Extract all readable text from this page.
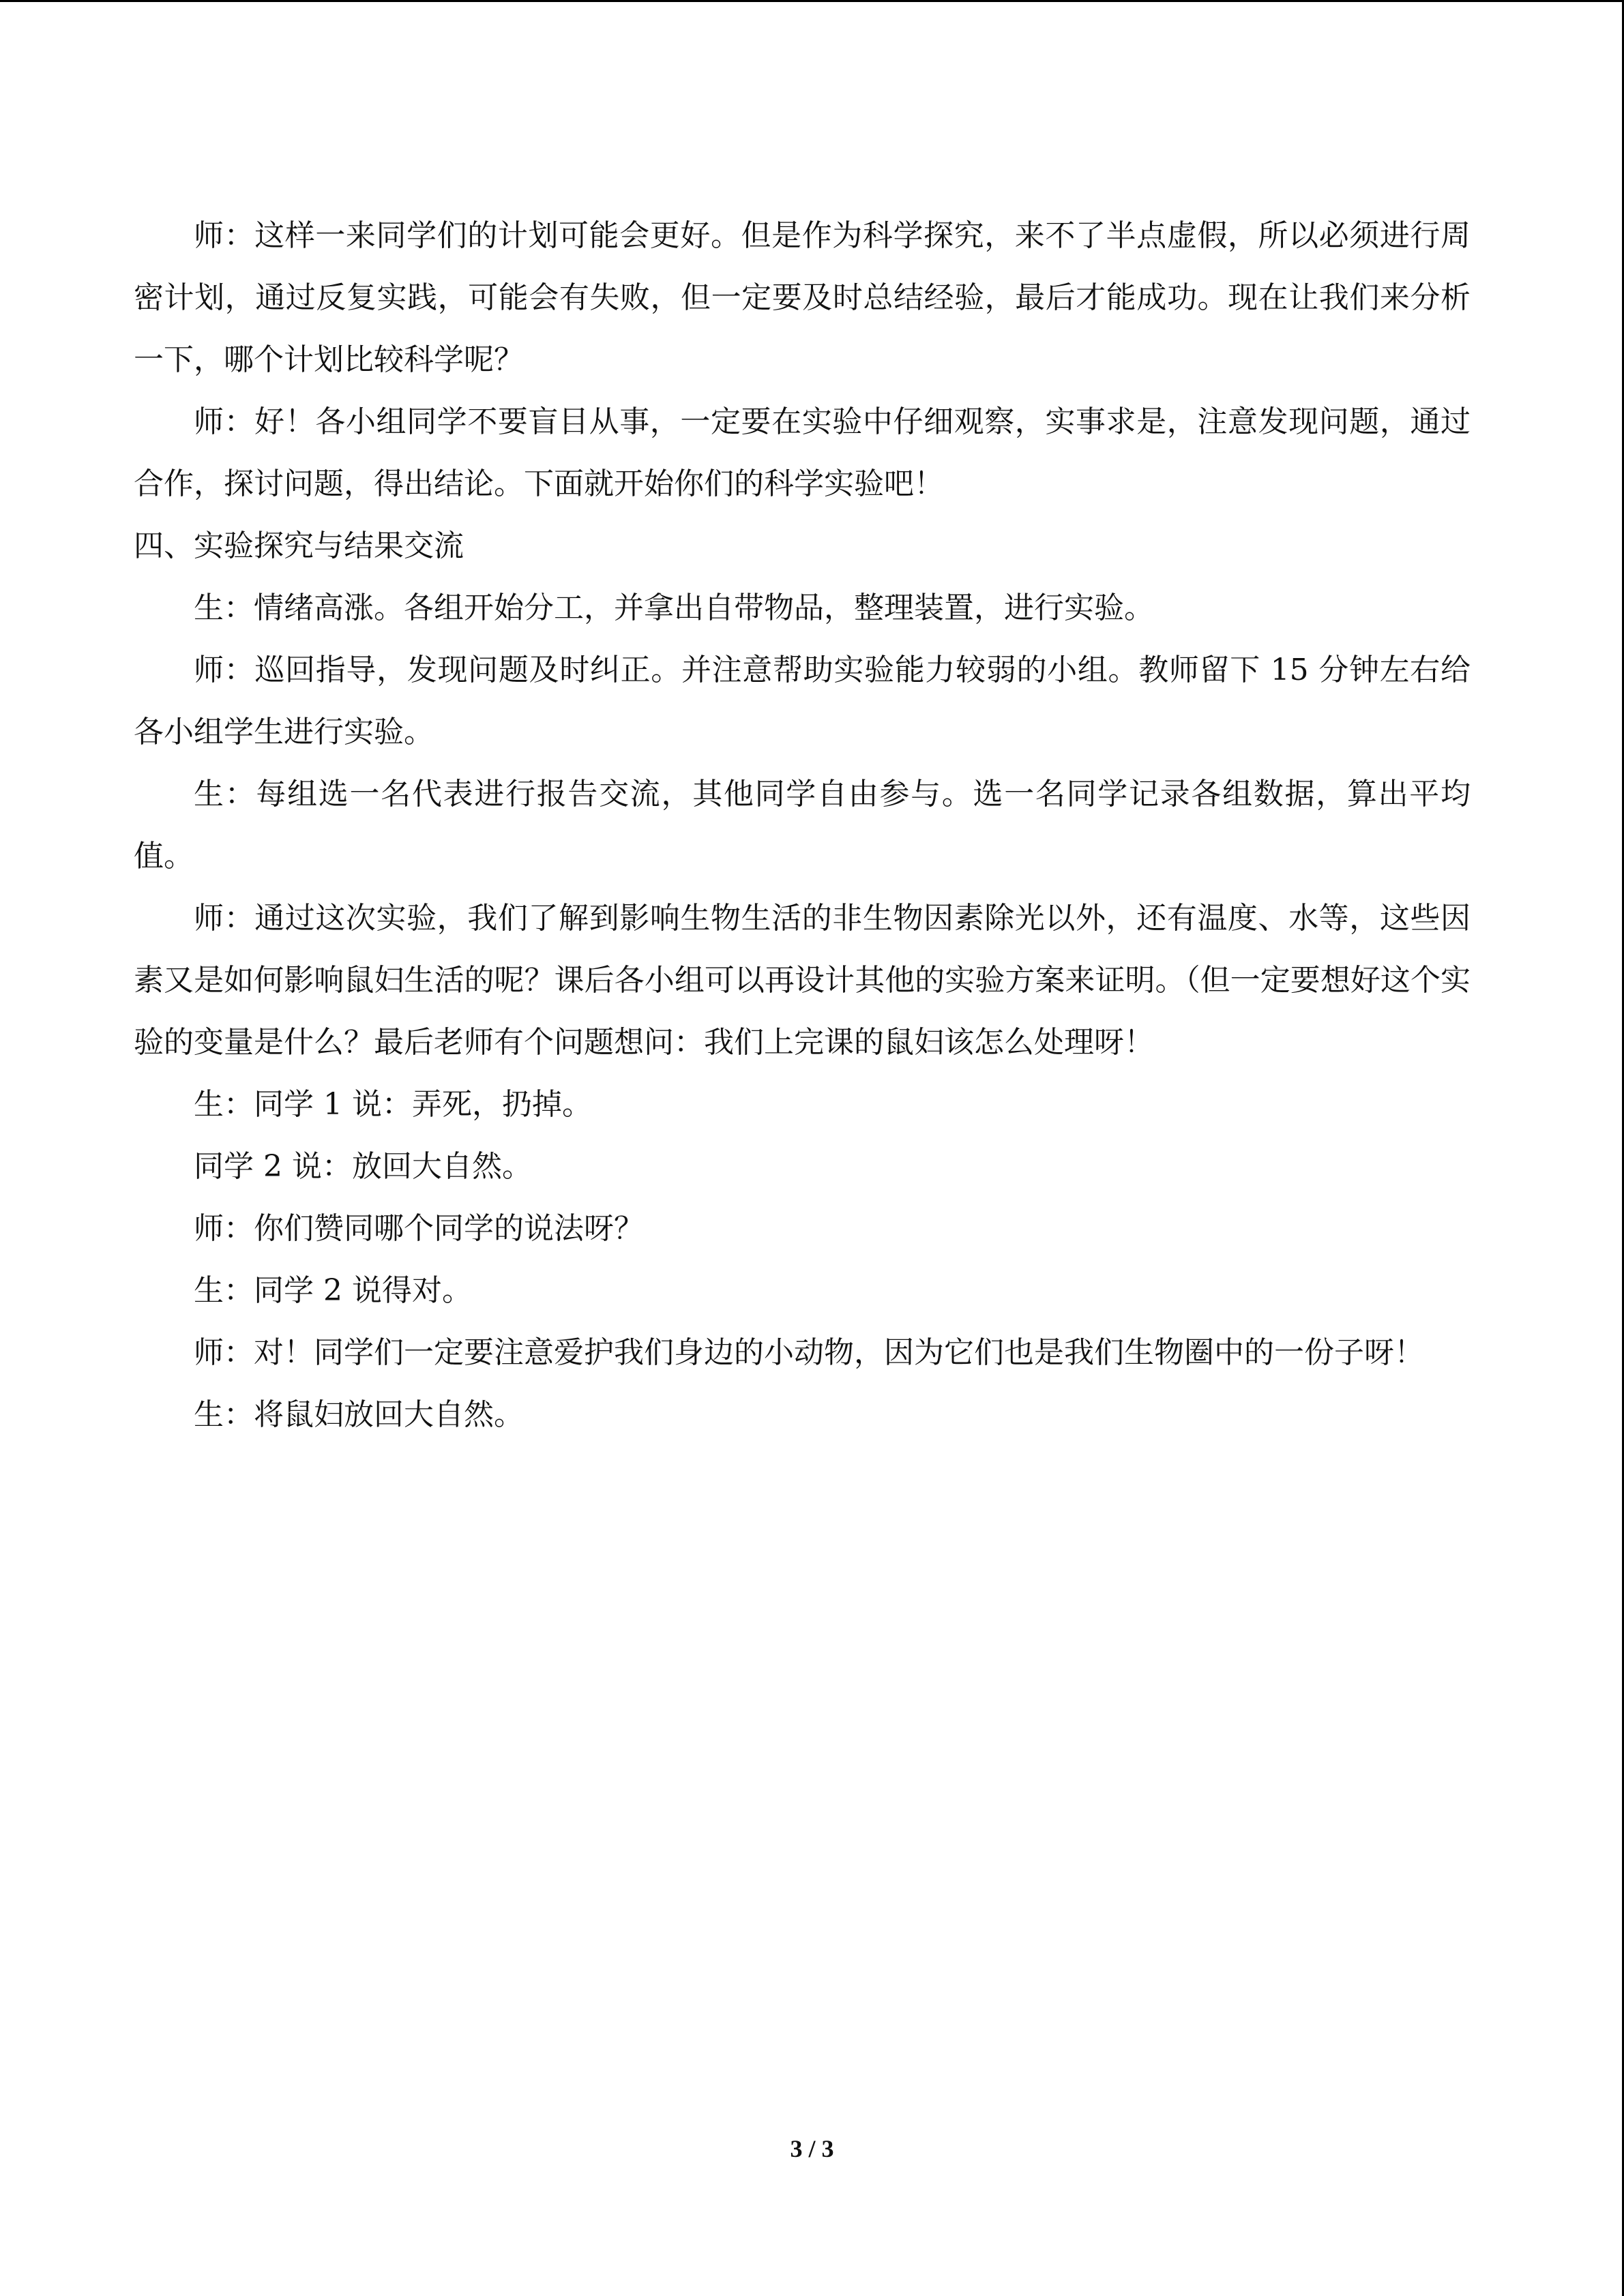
师：这样一来同学们的计划可能会更好。但是作为科学探究，来不了半点虚假，所以必须进行周密计划，通过反复实践，可能会有失败，但一定要及时总结经验，最后才能成功。现在让我们来分析一下，哪个计划比较科学呢？

师：好！各小组同学不要盲目从事，一定要在实验中仔细观察，实事求是，注意发现问题，通过合作，探讨问题，得出结论。下面就开始你们的科学实验吧！

四、实验探究与结果交流

生：情绪高涨。各组开始分工，并拿出自带物品，整理装置，进行实验。

师：巡回指导，发现问题及时纠正。并注意帮助实验能力较弱的小组。教师留下 15 分钟左右给各小组学生进行实验。

生：每组选一名代表进行报告交流，其他同学自由参与。选一名同学记录各组数据，算出平均值。

师：通过这次实验，我们了解到影响生物生活的非生物因素除光以外，还有温度、水等，这些因素又是如何影响鼠妇生活的呢？课后各小组可以再设计其他的实验方案来证明。（但一定要想好这个实验的变量是什么？最后老师有个问题想问：我们上完课的鼠妇该怎么处理呀！

生：同学 1 说：弄死，扔掉。

同学 2 说：放回大自然。

师：你们赞同哪个同学的说法呀？

生：同学 2 说得对。

师：对！同学们一定要注意爱护我们身边的小动物，因为它们也是我们生物圈中的一份子呀！

生：将鼠妇放回大自然。

3 / 3
